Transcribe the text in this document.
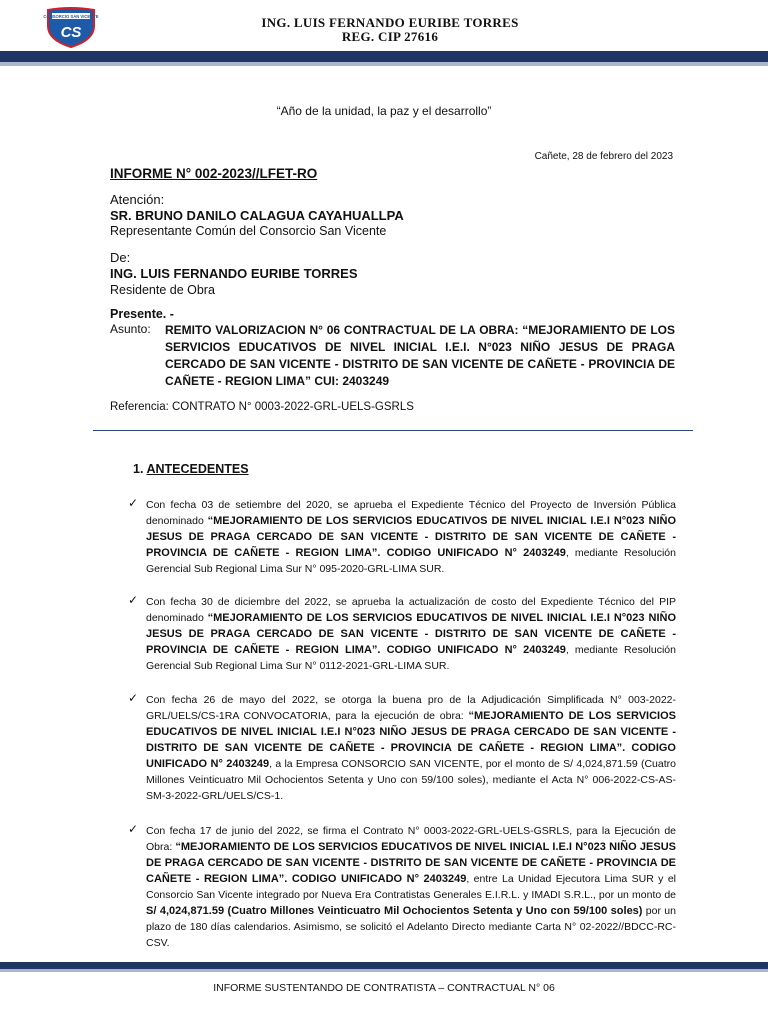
CONSORCIO SAN VICENTE
CS
ING. LUIS FERNANDO EURIBE TORRES
REG. CIP 27616
“Año de la unidad, la paz y el desarrollo”
Cañete, 28 de febrero del 2023
INFORME N° 002-2023//LFET-RO
Atención:
SR. BRUNO DANILO CALAGUA CAYAHUALLPA
Representante Común del Consorcio San Vicente
De:
ING. LUIS FERNANDO EURIBE TORRES
Residente de Obra
Presente. -
Asunto: REMITO VALORIZACION N° 06 CONTRACTUAL DE LA OBRA: “MEJORAMIENTO DE LOS SERVICIOS EDUCATIVOS DE NIVEL INICIAL I.E.I. N°023 NIÑO JESUS DE PRAGA CERCADO DE SAN VICENTE - DISTRITO DE SAN VICENTE DE CAÑETE - PROVINCIA DE CAÑETE - REGION LIMA” CUI: 2403249
Referencia: CONTRATO N° 0003-2022-GRL-UELS-GSRLS
1. ANTECEDENTES
✓ Con fecha 03 de setiembre del 2020, se aprueba el Expediente Técnico del Proyecto de Inversión Pública denominado “MEJORAMIENTO DE LOS SERVICIOS EDUCATIVOS DE NIVEL INICIAL I.E.I N°023 NIÑO JESUS DE PRAGA CERCADO DE SAN VICENTE - DISTRITO DE SAN VICENTE DE CAÑETE - PROVINCIA DE CAÑETE - REGION LIMA”. CODIGO UNIFICADO N° 2403249, mediante Resolución Gerencial Sub Regional Lima Sur N° 095-2020-GRL-LIMA SUR.
✓ Con fecha 30 de diciembre del 2022, se aprueba la actualización de costo del Expediente Técnico del PIP denominado “MEJORAMIENTO DE LOS SERVICIOS EDUCATIVOS DE NIVEL INICIAL I.E.I N°023 NIÑO JESUS DE PRAGA CERCADO DE SAN VICENTE - DISTRITO DE SAN VICENTE DE CAÑETE - PROVINCIA DE CAÑETE - REGION LIMA”. CODIGO UNIFICADO N° 2403249, mediante Resolución Gerencial Sub Regional Lima Sur N° 0112-2021-GRL-LIMA SUR.
✓ Con fecha 26 de mayo del 2022, se otorga la buena pro de la Adjudicación Simplificada N° 003-2022-GRL/UELS/CS-1RA CONVOCATORIA, para la ejecución de obra: “MEJORAMIENTO DE LOS SERVICIOS EDUCATIVOS DE NIVEL INICIAL I.E.I N°023 NIÑO JESUS DE PRAGA CERCADO DE SAN VICENTE - DISTRITO DE SAN VICENTE DE CAÑETE - PROVINCIA DE CAÑETE - REGION LIMA”. CODIGO UNIFICADO N° 2403249, a la Empresa CONSORCIO SAN VICENTE, por el monto de S/ 4,024,871.59 (Cuatro Millones Veinticuatro Mil Ochocientos Setenta y Uno con 59/100 soles), mediante el Acta N° 006-2022-CS-AS-SM-3-2022-GRL/UELS/CS-1.
✓ Con fecha 17 de junio del 2022, se firma el Contrato N° 0003-2022-GRL-UELS-GSRLS, para la Ejecución de Obra: “MEJORAMIENTO DE LOS SERVICIOS EDUCATIVOS DE NIVEL INICIAL I.E.I N°023 NIÑO JESUS DE PRAGA CERCADO DE SAN VICENTE - DISTRITO DE SAN VICENTE DE CAÑETE - PROVINCIA DE CAÑETE - REGION LIMA”. CODIGO UNIFICADO N° 2403249, entre La Unidad Ejecutora Lima SUR y el Consorcio San Vicente integrado por Nueva Era Contratistas Generales E.I.R.L. y IMADI S.R.L., por un monto de S/ 4,024,871.59 (Cuatro Millones Veinticuatro Mil Ochocientos Setenta y Uno con 59/100 soles) por un plazo de 180 días calendarios. Asimismo, se solicitó el Adelanto Directo mediante Carta N° 02-2022//BDCC-RC-CSV.
INFORME SUSTENTANDO DE CONTRATISTA – CONTRACTUAL N° 06
